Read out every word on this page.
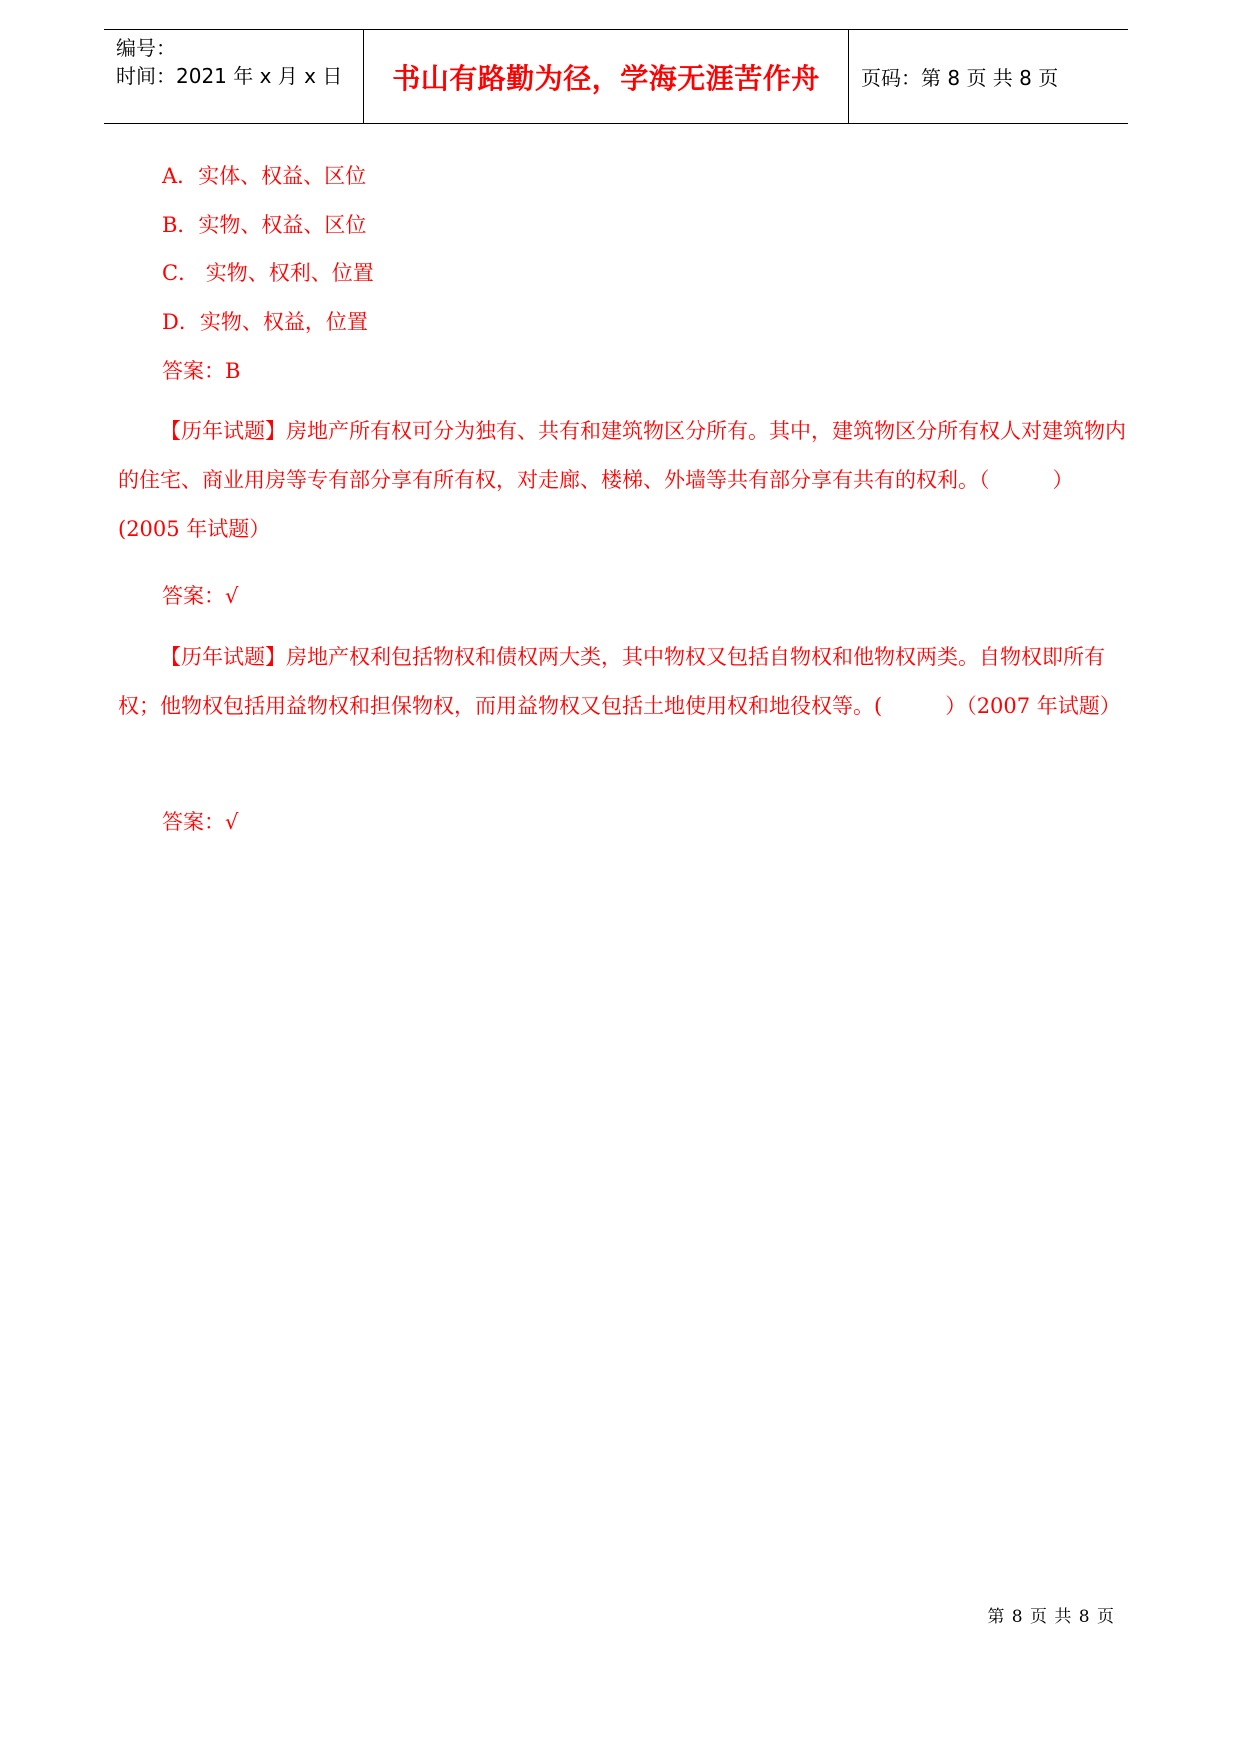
编号：
时间：2021 年 x 月 x 日	书山有路勤为径，学海无涯苦作舟 页码：第 8 页 共 8 页
A．实体、权益、区位
B．实物、权益、区位
C． 实物、权利、位置
D．实物、权益，位置
答案：B
【历年试题】房地产所有权可分为独有、共有和建筑物区分所有。其中，建筑物区分所有权人对建筑物内的住宅、商业用房等专有部分享有所有权，对走廊、楼梯、外墙等共有部分享有共有的权利。（　　　）(2005 年试题）
答案：√
【历年试题】房地产权利包括物权和债权两大类，其中物权又包括自物权和他物权两类。自物权即所有权；他物权包括用益物权和担保物权，而用益物权又包括土地使用权和地役权等。(　　　）（2007 年试题）
答案：√
第 8 页 共 8 页
